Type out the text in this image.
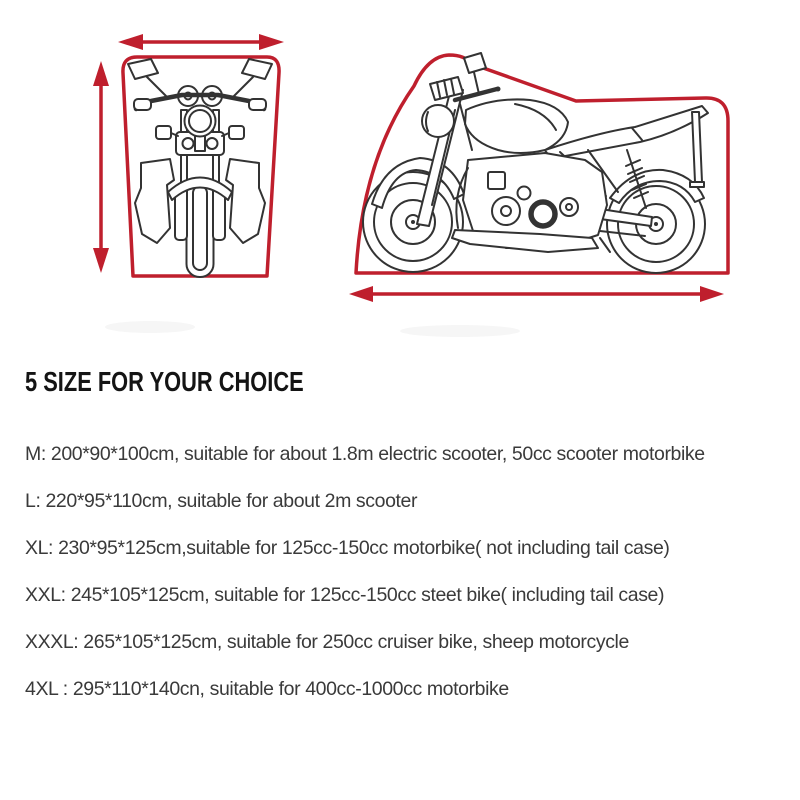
5 SIZE FOR YOUR CHOICE

M: 200*90*100cm, suitable for about 1.8m electric scooter, 50cc scooter motorbike

L: 220*95*110cm, suitable for about 2m scooter

XL: 230*95*125cm,suitable for 125cc-150cc motorbike( not including tail case)

XXL: 245*105*125cm, suitable for 125cc-150cc steet bike( including tail case)

XXXL: 265*105*125cm, suitable for 250cc cruiser bike, sheep motorcycle

4XL : 295*110*140cn, suitable for 400cc-1000cc motorbike
